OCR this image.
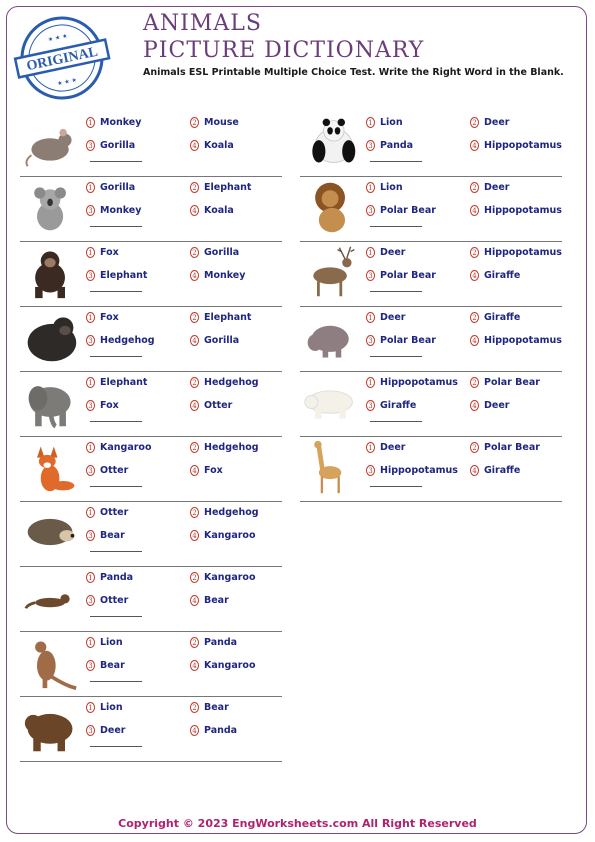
ORIGINAL
★ ★ ★
★ ★ ★
ANIMALS
PICTURE DICTIONARY
Animals ESL Printable Multiple Choice Test. Write the Right Word in the Blank.
1 Monkey	2 Mouse
3 Gorilla	4 Koala
1 Gorilla	2 Elephant
3 Monkey	4 Koala
1 Fox	2 Gorilla
3 Elephant	4 Monkey
1 Fox	2 Elephant
3 Hedgehog	4 Gorilla
1 Elephant	2 Hedgehog
3 Fox	4 Otter
1 Kangaroo	2 Hedgehog
3 Otter	4 Fox
1 Otter	2 Hedgehog
3 Bear	4 Kangaroo
1 Panda	2 Kangaroo
3 Otter	4 Bear
1 Lion	2 Panda
3 Bear	4 Kangaroo
1 Lion	2 Bear
3 Deer	4 Panda
1 Lion	2 Deer
3 Panda	4 Hippopotamus
1 Lion	2 Deer
3 Polar Bear	4 Hippopotamus
1 Deer	2 Hippopotamus
3 Polar Bear	4 Giraffe
1 Deer	2 Giraffe
3 Polar Bear	4 Hippopotamus
1 Hippopotamus	2 Polar Bear
3 Giraffe	4 Deer
1 Deer	2 Polar Bear
3 Hippopotamus	4 Giraffe
Copyright © 2023 EngWorksheets.com All Right Reserved
